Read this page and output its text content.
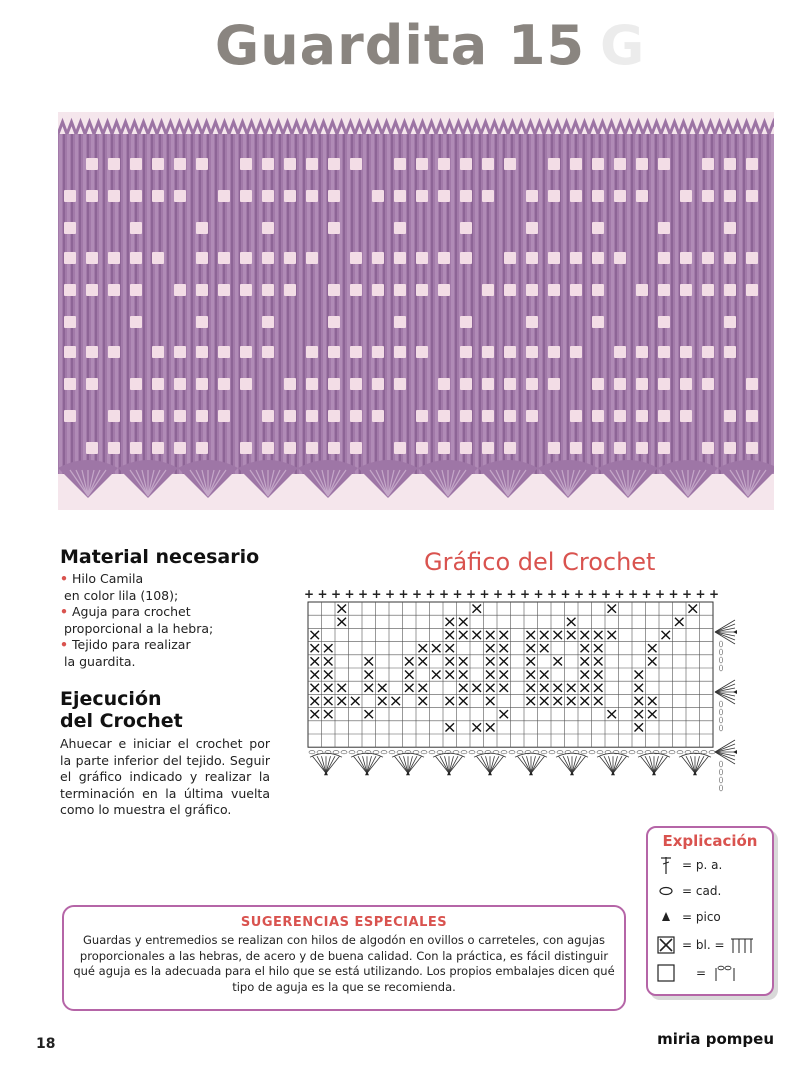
G
Guardita 15
Material necesario
• Hilo Camila
en color lila (108);
• Aguja para crochet
proporcional a la hebra;
• Tejido para realizar
la guardita.
Ejecución
del Crochet

Ahuecar e iniciar el crochet por la parte inferior del tejido. Seguir el gráfico indicado y realizar la terminación en la última vuelta como lo muestra el gráfico.

Gráfico del Crochet
+ + + + + + + + + + + + + + + + + + + + + + + + + + + + + + +
SUGERENCIAS ESPECIALES
Guardas y entremedios se realizan con hilos de algodón en ovillos o carreteles, con agujas proporcionales a las hebras, de acero y de buena calidad. Con la práctica, es fácil distinguir qué aguja es la adecuada para el hilo que se está utilizando. Los propios embalajes dicen qué tipo de aguja es la que se recomienda.
Explicación
= p. a.
= cad.
= pico
= bl. =
=
18	miria pompeu
